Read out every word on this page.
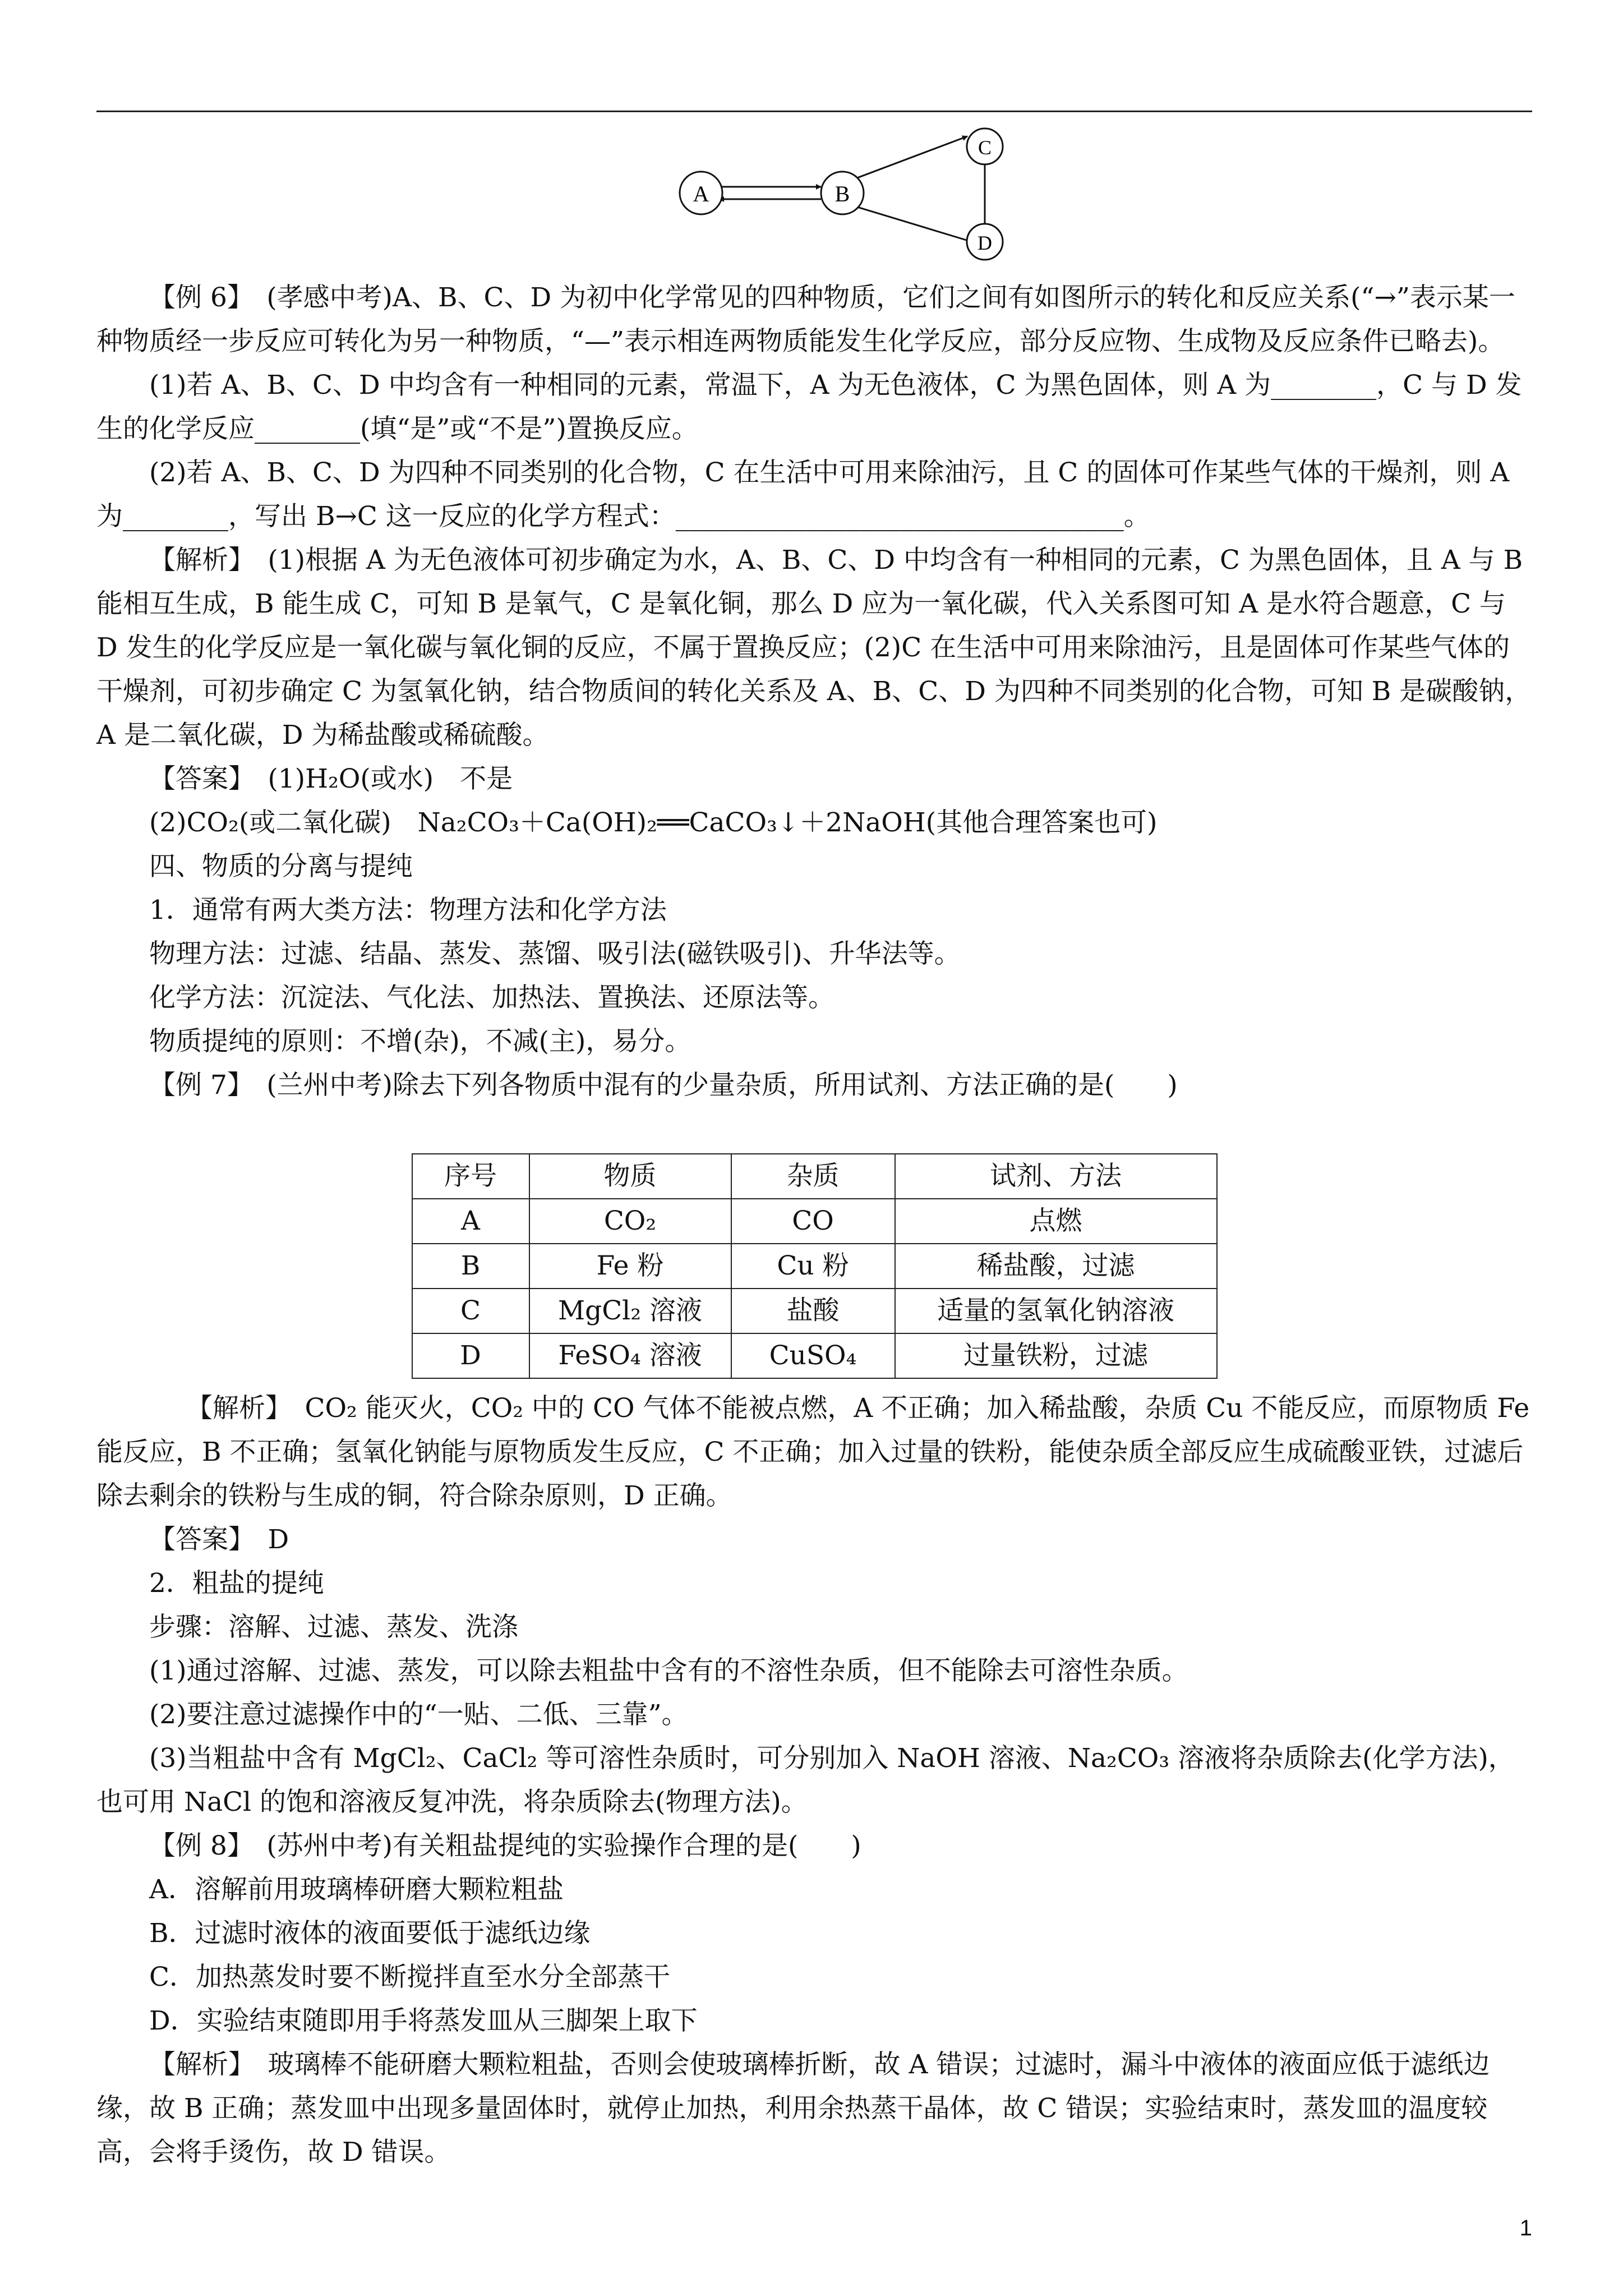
A	B
C
D

【例 6】　(孝感中考)A、B、C、D 为初中化学常见的四种物质，它们之间有如图所示的转化和反应关系(“→”表示某一种物质经一步反应可转化为另一种物质，“—”表示相连两物质能发生化学反应，部分反应物、生成物及反应条件已略去)。

(1)若 A、B、C、D 中均含有一种相同的元素，常温下，A 为无色液体，C 为黑色固体，则 A 为________，C 与 D 发生的化学反应________(填“是”或“不是”)置换反应。

(2)若 A、B、C、D 为四种不同类别的化合物，C 在生活中可用来除油污，且 C 的固体可作某些气体的干燥剂，则 A 为________，写出 B→C 这一反应的化学方程式：__________________________________。

【解析】　(1)根据 A 为无色液体可初步确定为水，A、B、C、D 中均含有一种相同的元素，C 为黑色固体，且 A 与 B 能相互生成，B 能生成 C，可知 B 是氧气，C 是氧化铜，那么 D 应为一氧化碳，代入关系图可知 A 是水符合题意，C 与 D 发生的化学反应是一氧化碳与氧化铜的反应，不属于置换反应；(2)C 在生活中可用来除油污，且是固体可作某些气体的干燥剂，可初步确定 C 为氢氧化钠，结合物质间的转化关系及 A、B、C、D 为四种不同类别的化合物，可知 B 是碳酸钠，A 是二氧化碳，D 为稀盐酸或稀硫酸。

【答案】　(1)H₂O(或水)　不是

(2)CO₂(或二氧化碳)　Na₂CO₃＋Ca(OH)₂══CaCO₃↓＋2NaOH(其他合理答案也可)

四、物质的分离与提纯

1．通常有两大类方法：物理方法和化学方法

物理方法：过滤、结晶、蒸发、蒸馏、吸引法(磁铁吸引)、升华法等。

化学方法：沉淀法、气化法、加热法、置换法、还原法等。

物质提纯的原则：不增(杂)，不减(主)，易分。

【例 7】　(兰州中考)除去下列各物质中混有的少量杂质，所用试剂、方法正确的是(　　)

序号	物质	杂质	试剂、方法
A	CO₂	CO	点燃
B	Fe 粉	Cu 粉	稀盐酸，过滤
C	MgCl₂ 溶液	盐酸	适量的氢氧化钠溶液
D	FeSO₄ 溶液	CuSO₄	过量铁粉，过滤

【解析】　CO₂ 能灭火，CO₂ 中的 CO 气体不能被点燃，A 不正确；加入稀盐酸，杂质 Cu 不能反应，而原物质 Fe 能反应，B 不正确；氢氧化钠能与原物质发生反应，C 不正确；加入过量的铁粉，能使杂质全部反应生成硫酸亚铁，过滤后除去剩余的铁粉与生成的铜，符合除杂原则，D 正确。

【答案】　D

2．粗盐的提纯

步骤：溶解、过滤、蒸发、洗涤

(1)通过溶解、过滤、蒸发，可以除去粗盐中含有的不溶性杂质，但不能除去可溶性杂质。

(2)要注意过滤操作中的“一贴、二低、三靠”。

(3)当粗盐中含有 MgCl₂、CaCl₂ 等可溶性杂质时，可分别加入 NaOH 溶液、Na₂CO₃ 溶液将杂质除去(化学方法)，也可用 NaCl 的饱和溶液反复冲洗，将杂质除去(物理方法)。

【例 8】　(苏州中考)有关粗盐提纯的实验操作合理的是(　　)

A．溶解前用玻璃棒研磨大颗粒粗盐

B．过滤时液体的液面要低于滤纸边缘

C．加热蒸发时要不断搅拌直至水分全部蒸干

D．实验结束随即用手将蒸发皿从三脚架上取下

【解析】　玻璃棒不能研磨大颗粒粗盐，否则会使玻璃棒折断，故 A 错误；过滤时，漏斗中液体的液面应低于滤纸边缘，故 B 正确；蒸发皿中出现多量固体时，就停止加热，利用余热蒸干晶体，故 C 错误；实验结束时，蒸发皿的温度较高，会将手烫伤，故 D 错误。

1
